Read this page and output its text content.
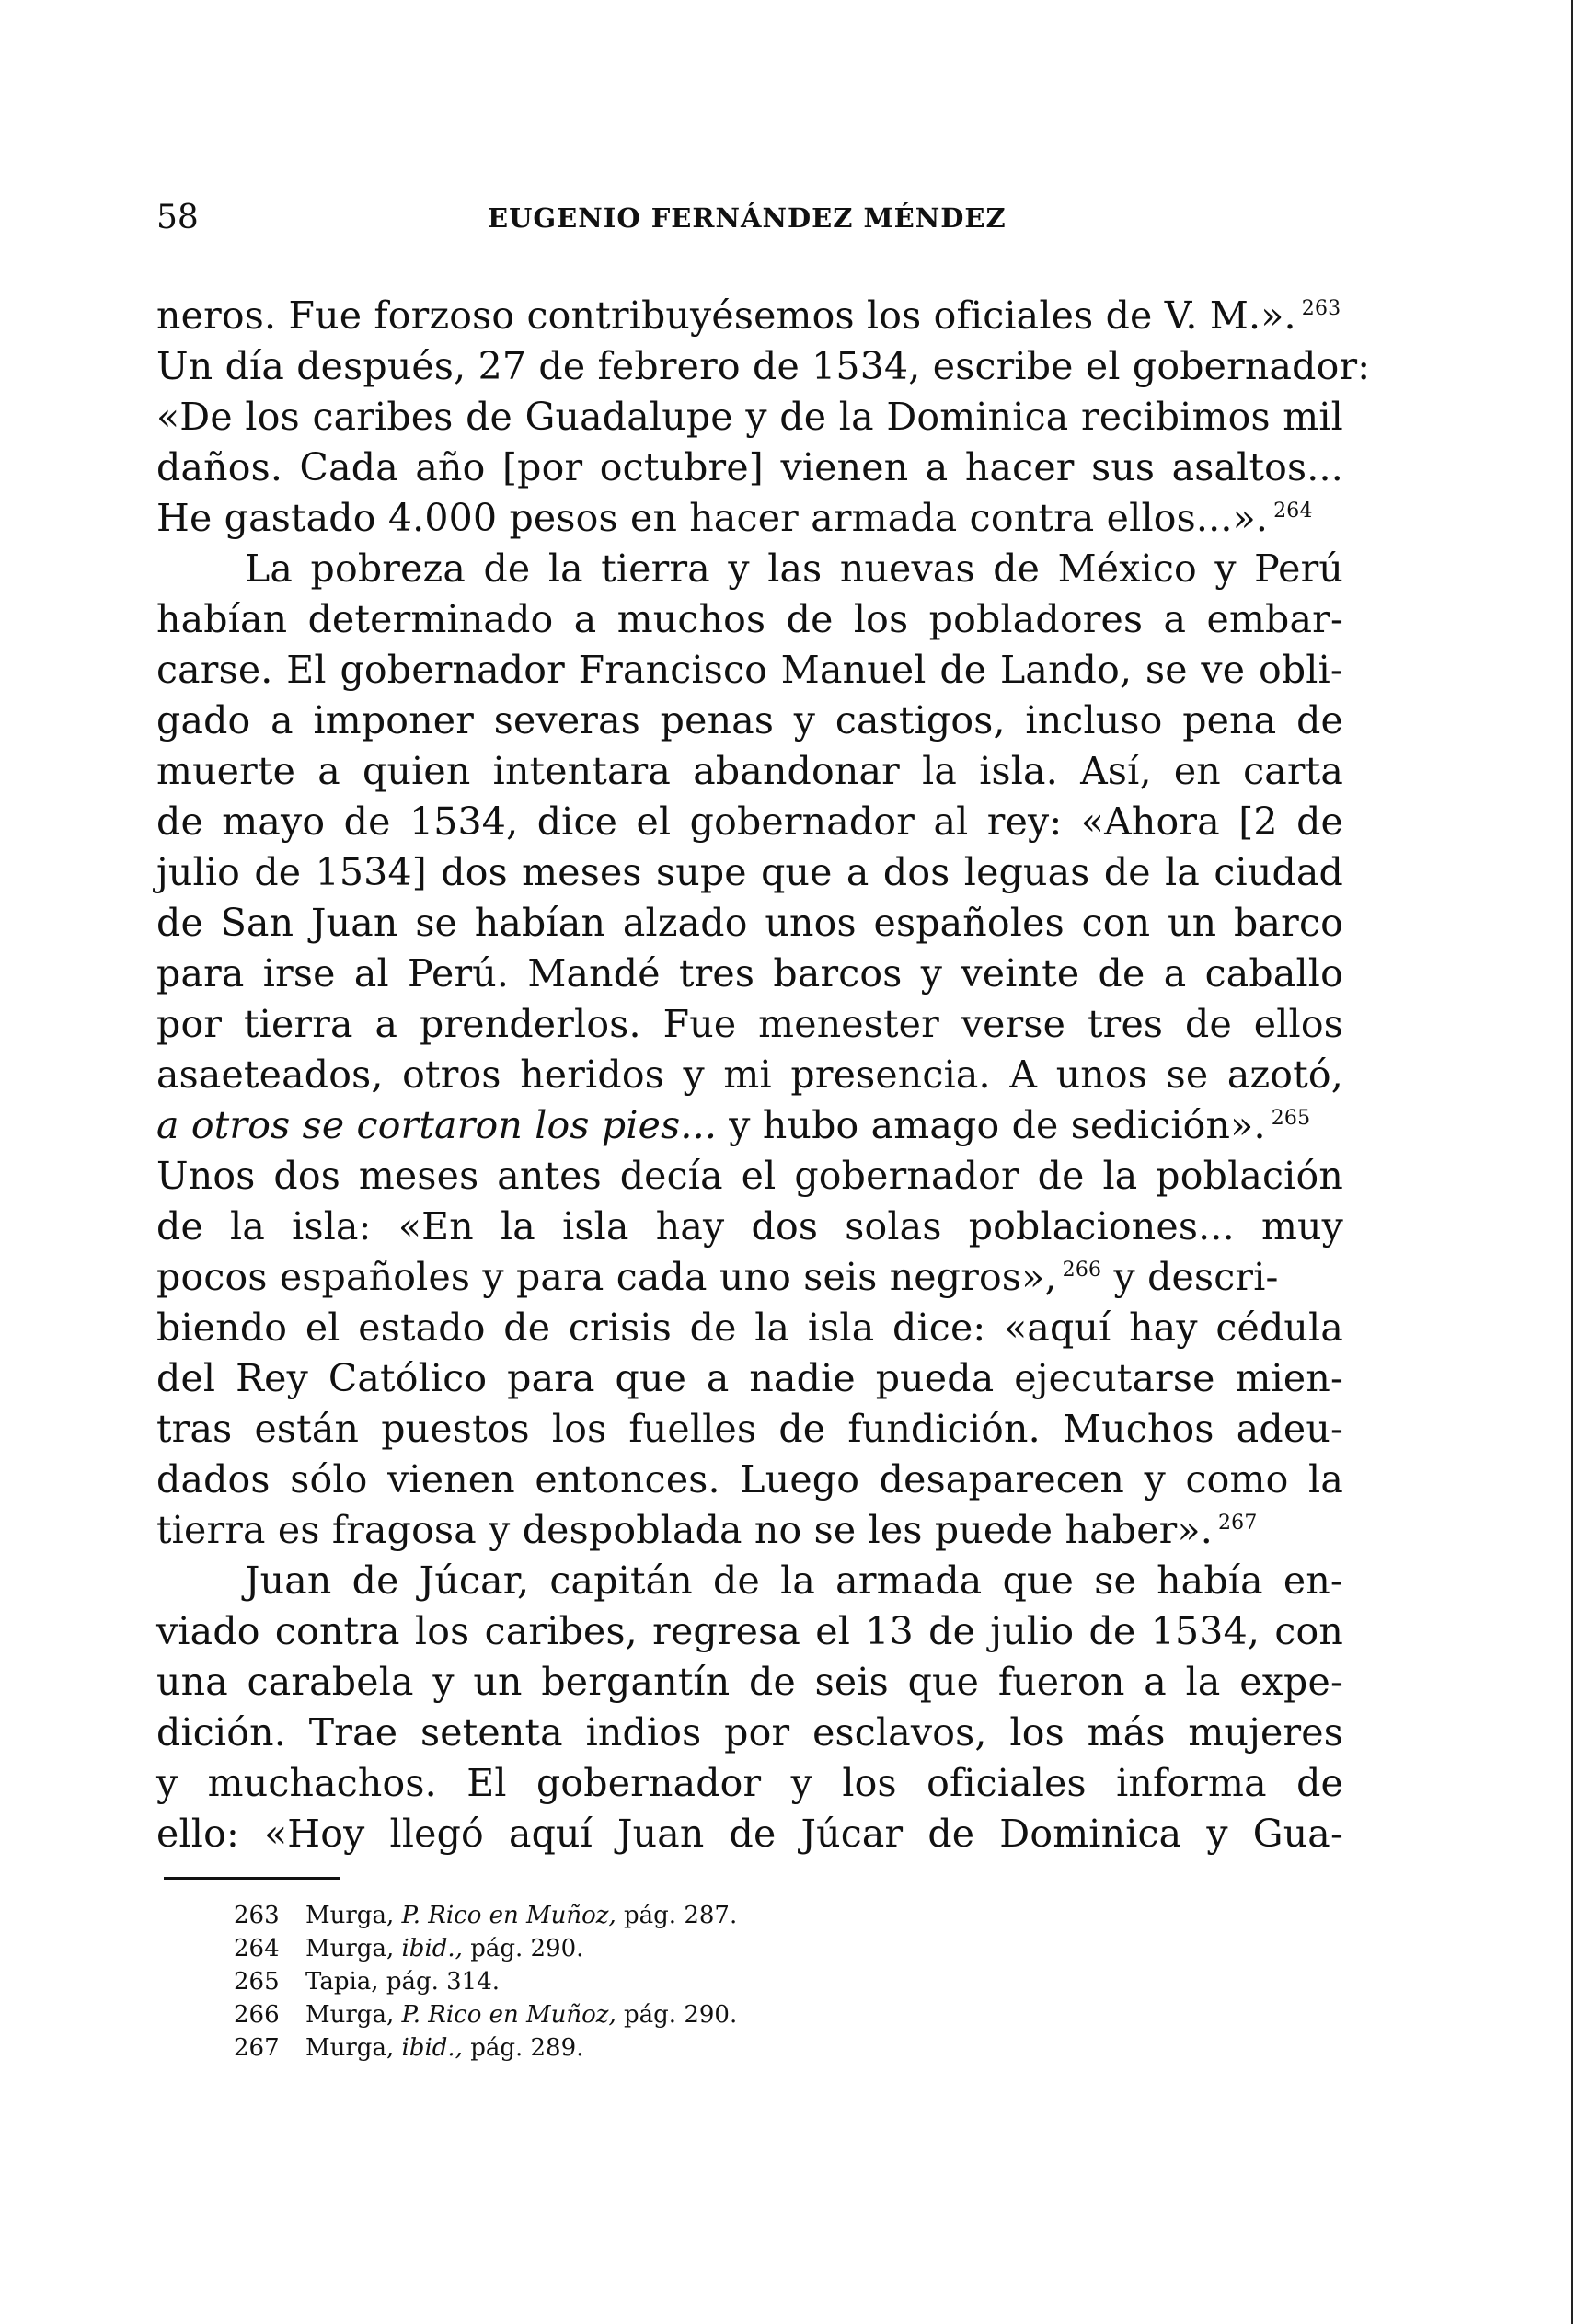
58	EUGENIO FERNÁNDEZ MÉNDEZ
neros. Fue forzoso contribuyésemos los oficiales de V. M.». $^{263}$
Un día después, 27 de febrero de 1534, escribe el gobernador:
«De los caribes de Guadalupe y de la Dominica recibimos mil
daños. Cada año [por octubre] vienen a hacer sus asaltos...
He gastado 4.000 pesos en hacer armada contra ellos...». $^{264}$
La pobreza de la tierra y las nuevas de México y Perú
habían determinado a muchos de los pobladores a embar-
carse. El gobernador Francisco Manuel de Lando, se ve obli-
gado a imponer severas penas y castigos, incluso pena de
muerte a quien intentara abandonar la isla. Así, en carta
de mayo de 1534, dice el gobernador al rey: «Ahora [2 de
julio de 1534] dos meses supe que a dos leguas de la ciudad
de San Juan se habían alzado unos españoles con un barco
para irse al Perú. Mandé tres barcos y veinte de a caballo
por tierra a prenderlos. Fue menester verse tres de ellos
asaeteados, otros heridos y mi presencia. A unos se azotó,
a otros se cortaron los pies... y hubo amago de sedición». $^{265}$
Unos dos meses antes decía el gobernador de la población
de la isla: «En la isla hay dos solas poblaciones... muy
pocos españoles y para cada uno seis negros», $^{266}$ y descri-
biendo el estado de crisis de la isla dice: «aquí hay cédula
del Rey Católico para que a nadie pueda ejecutarse mien-
tras están puestos los fuelles de fundición. Muchos adeu-
dados sólo vienen entonces. Luego desaparecen y como la
tierra es fragosa y despoblada no se les puede haber». $^{267}$
Juan de Júcar, capitán de la armada que se había en-
viado contra los caribes, regresa el 13 de julio de 1534, con
una carabela y un bergantín de seis que fueron a la expe-
dición. Trae setenta indios por esclavos, los más mujeres
y muchachos. El gobernador y los oficiales informa de
ello: «Hoy llegó aquí Juan de Júcar de Dominica y Gua-
263 Murga, P. Rico en Muñoz, pág. 287.
264 Murga, ibid., pág. 290.
265 Tapia, pág. 314.
266 Murga, P. Rico en Muñoz, pág. 290.
267 Murga, ibid., pág. 289.
